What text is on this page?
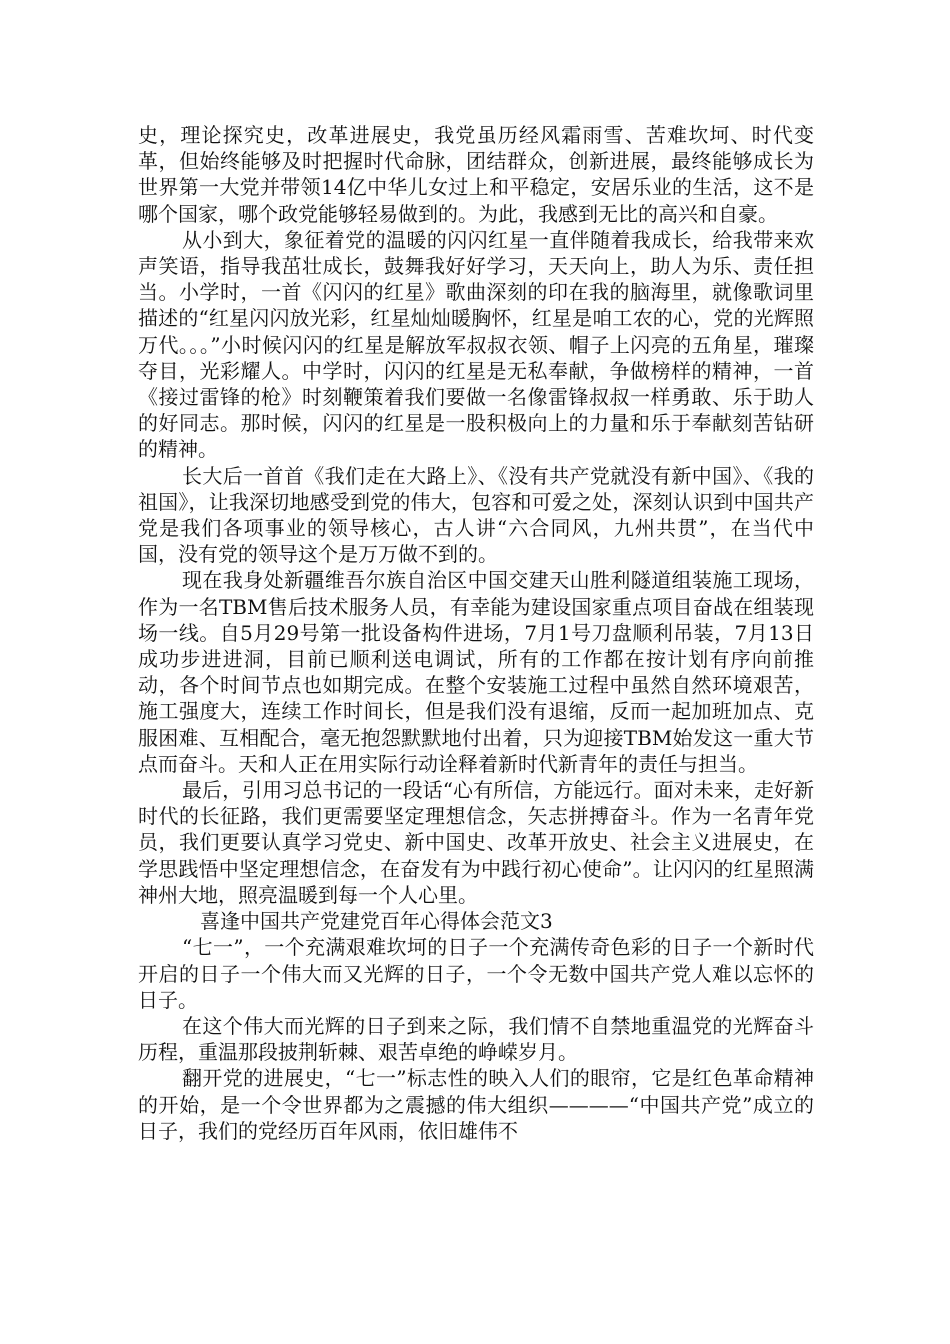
史，理论探究史，改革进展史，我党虽历经风霜雨雪、苦难坎坷、时代变革，但始终能够及时把握时代命脉，团结群众，创新进展，最终能够成长为世界第一大党并带领14亿中华儿女过上和平稳定，安居乐业的生活，这不是哪个国家，哪个政党能够轻易做到的。为此，我感到无比的高兴和自豪。

从小到大，象征着党的温暖的闪闪红星一直伴随着我成长，给我带来欢声笑语，指导我茁壮成长，鼓舞我好好学习，天天向上，助人为乐、责任担当。小学时，一首《闪闪的红星》歌曲深刻的印在我的脑海里，就像歌词里描述的“红星闪闪放光彩，红星灿灿暖胸怀，红星是咱工农的心，党的光辉照万代。。。”小时候闪闪的红星是解放军叔叔衣领、帽子上闪亮的五角星，璀璨夺目，光彩耀人。中学时，闪闪的红星是无私奉献，争做榜样的精神，一首《接过雷锋的枪》时刻鞭策着我们要做一名像雷锋叔叔一样勇敢、乐于助人的好同志。那时候，闪闪的红星是一股积极向上的力量和乐于奉献刻苦钻研的精神。

长大后一首首《我们走在大路上》、《没有共产党就没有新中国》、《我的祖国》，让我深切地感受到党的伟大，包容和可爱之处，深刻认识到中国共产党是我们各项事业的领导核心，古人讲“六合同风，九州共贯”，在当代中国，没有党的领导这个是万万做不到的。

现在我身处新疆维吾尔族自治区中国交建天山胜利隧道组装施工现场，作为一名TBM售后技术服务人员，有幸能为建设国家重点项目奋战在组装现场一线。自5月29号第一批设备构件进场，7月1号刀盘顺利吊装，7月13日成功步进进洞，目前已顺利送电调试，所有的工作都在按计划有序向前推动，各个时间节点也如期完成。在整个安装施工过程中虽然自然环境艰苦，施工强度大，连续工作时间长，但是我们没有退缩，反而一起加班加点、克服困难、互相配合，毫无抱怨默默地付出着，只为迎接TBM始发这一重大节点而奋斗。天和人正在用实际行动诠释着新时代新青年的责任与担当。

最后，引用习总书记的一段话“心有所信，方能远行。面对未来，走好新时代的长征路，我们更需要坚定理想信念，矢志拼搏奋斗。作为一名青年党员，我们更要认真学习党史、新中国史、改革开放史、社会主义进展史，在学思践悟中坚定理想信念，在奋发有为中践行初心使命”。让闪闪的红星照满神州大地，照亮温暖到每一个人心里。

喜逢中国共产党建党百年心得体会范文3

“七一”，一个充满艰难坎坷的日子一个充满传奇色彩的日子一个新时代开启的日子一个伟大而又光辉的日子，一个令无数中国共产党人难以忘怀的日子。

在这个伟大而光辉的日子到来之际，我们情不自禁地重温党的光辉奋斗历程，重温那段披荆斩棘、艰苦卓绝的峥嵘岁月。

翻开党的进展史，“七一”标志性的映入人们的眼帘，它是红色革命精神的开始，是一个令世界都为之震撼的伟大组织————“中国共产党”成立的日子，我们的党经历百年风雨，依旧雄伟不
